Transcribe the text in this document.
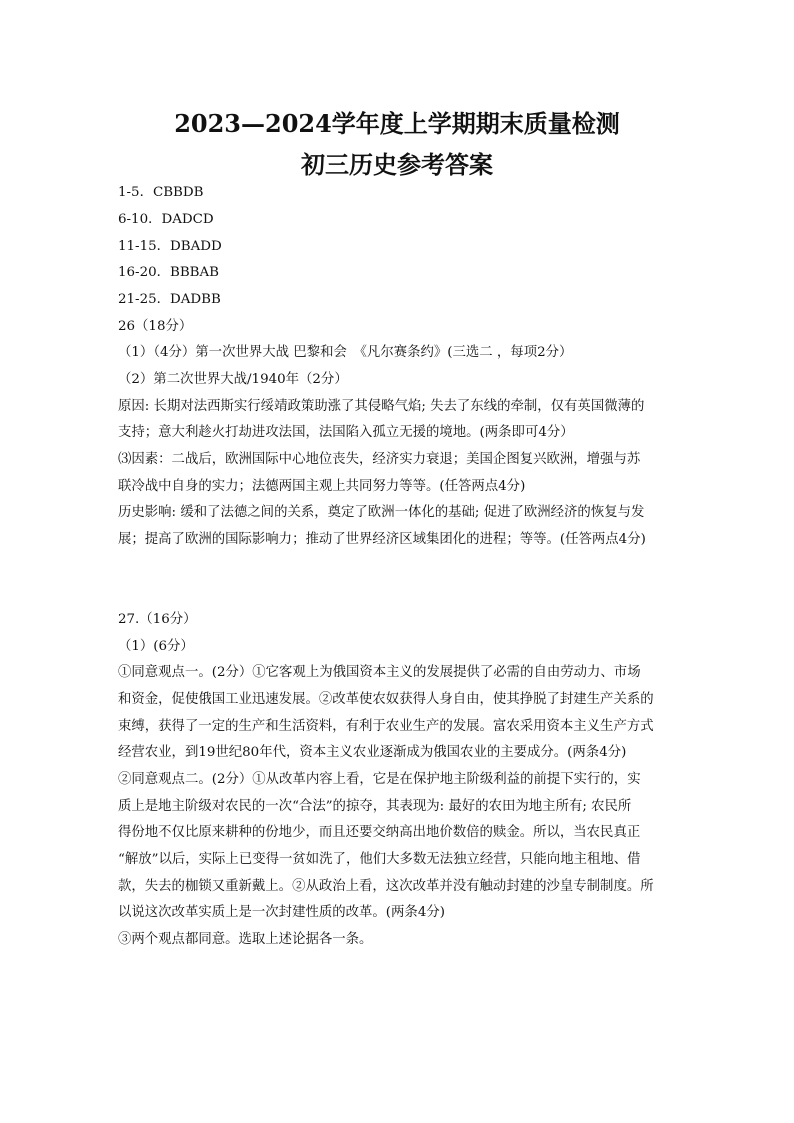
2023—2024学年度上学期期末质量检测
初三历史参考答案
1-5．CBBDB
6-10．DADCD
11-15．DBADD
16-20．BBBAB
21-25．DADBB
26（18分）
（1）（4分）第一次世界大战 巴黎和会　《凡尔赛条约》(三选二 ，每项2分）
（2）第二次世界大战/1940年（2分）
原因: 长期对法西斯实行绥靖政策助涨了其侵略气焰; 失去了东线的牵制，仅有英国微薄的
支持；意大利趁火打劫进攻法国，法国陷入孤立无援的境地。(两条即可4分）
⑶因素：二战后，欧洲国际中心地位丧失，经济实力衰退；美国企图复兴欧洲，增强与苏
联冷战中自身的实力；法德两国主观上共同努力等等。(任答两点4分)
历史影响: 缓和了法德之间的关系，奠定了欧洲一体化的基础; 促进了欧洲经济的恢复与发
展；提高了欧洲的国际影响力；推动了世界经济区域集团化的进程；等等。(任答两点4分)
27.（16分）
（1）(6分）
①同意观点一。(2分）①它客观上为俄国资本主义的发展提供了必需的自由劳动力、市场
和资金，促使俄国工业迅速发展。②改革使农奴获得人身自由，使其挣脱了封建生产关系的
束缚，获得了一定的生产和生活资料，有利于农业生产的发展。富农采用资本主义生产方式
经营农业，到19世纪80年代，资本主义农业逐渐成为俄国农业的主要成分。(两条4分)
②同意观点二。(2分）①从改革内容上看，它是在保护地主阶级利益的前提下实行的，实
质上是地主阶级对农民的一次“合法”的掠夺，其表现为: 最好的农田为地主所有; 农民所
得份地不仅比原来耕种的份地少，而且还要交纳高出地价数倍的赎金。所以，当农民真正
“解放”以后，实际上已变得一贫如洗了，他们大多数无法独立经营，只能向地主租地、借
款，失去的枷锁又重新戴上。②从政治上看，这次改革并没有触动封建的沙皇专制制度。所
以说这次改革实质上是一次封建性质的改革。(两条4分)
③两个观点都同意。选取上述论据各一条。
